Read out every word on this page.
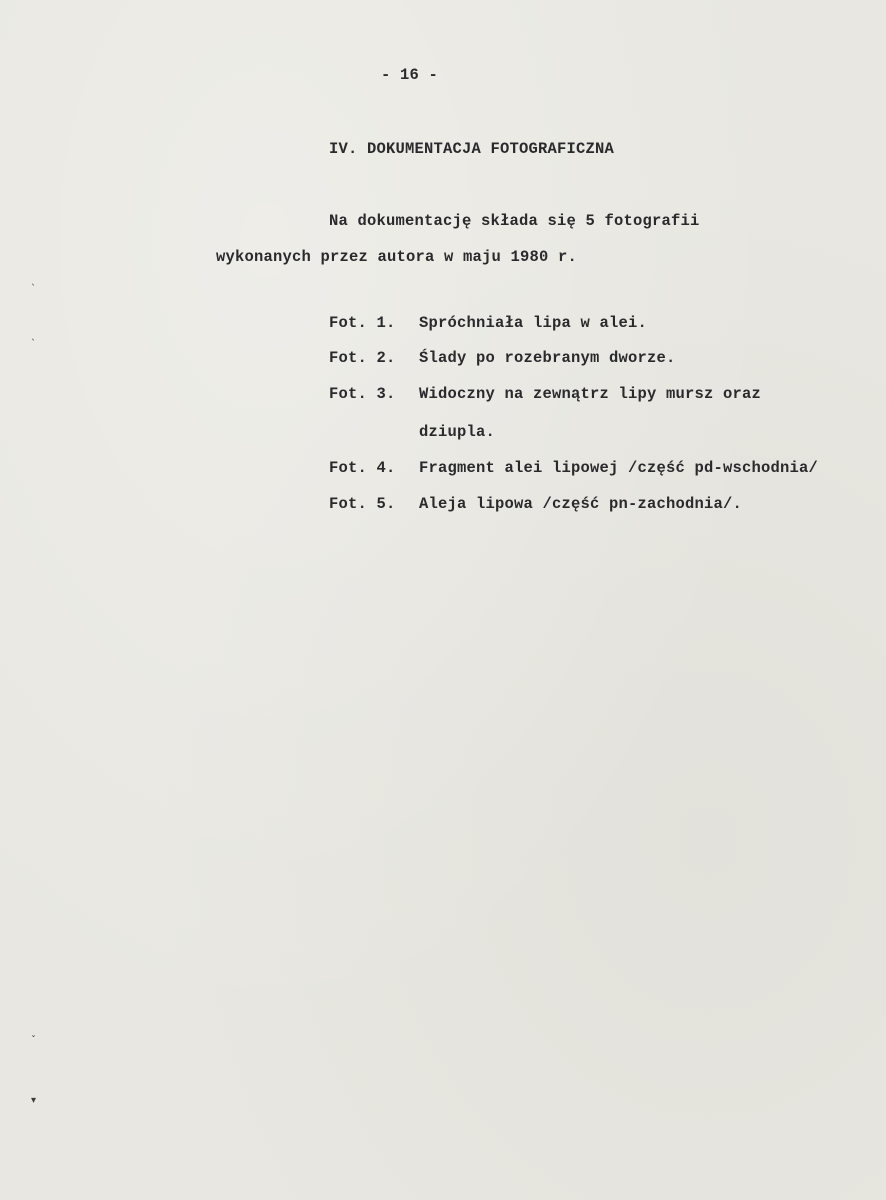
- 16 -
IV. DOKUMENTACJA FOTOGRAFICZNA
Na dokumentację składa się 5 fotografii
wykonanych przez autora w maju 1980 r.
Fot. 1. Spróchniała lipa w alei.
Fot. 2. Ślady po rozebranym dworze.
Fot. 3. Widoczny na zewnątrz lipy mursz oraz
dziupla.
Fot. 4. Fragment alei lipowej /część pd-wschodnia/
Fot. 5. Aleja lipowa /część pn-zachodnia/.
ˎ
ˎ
ˇ
▾
